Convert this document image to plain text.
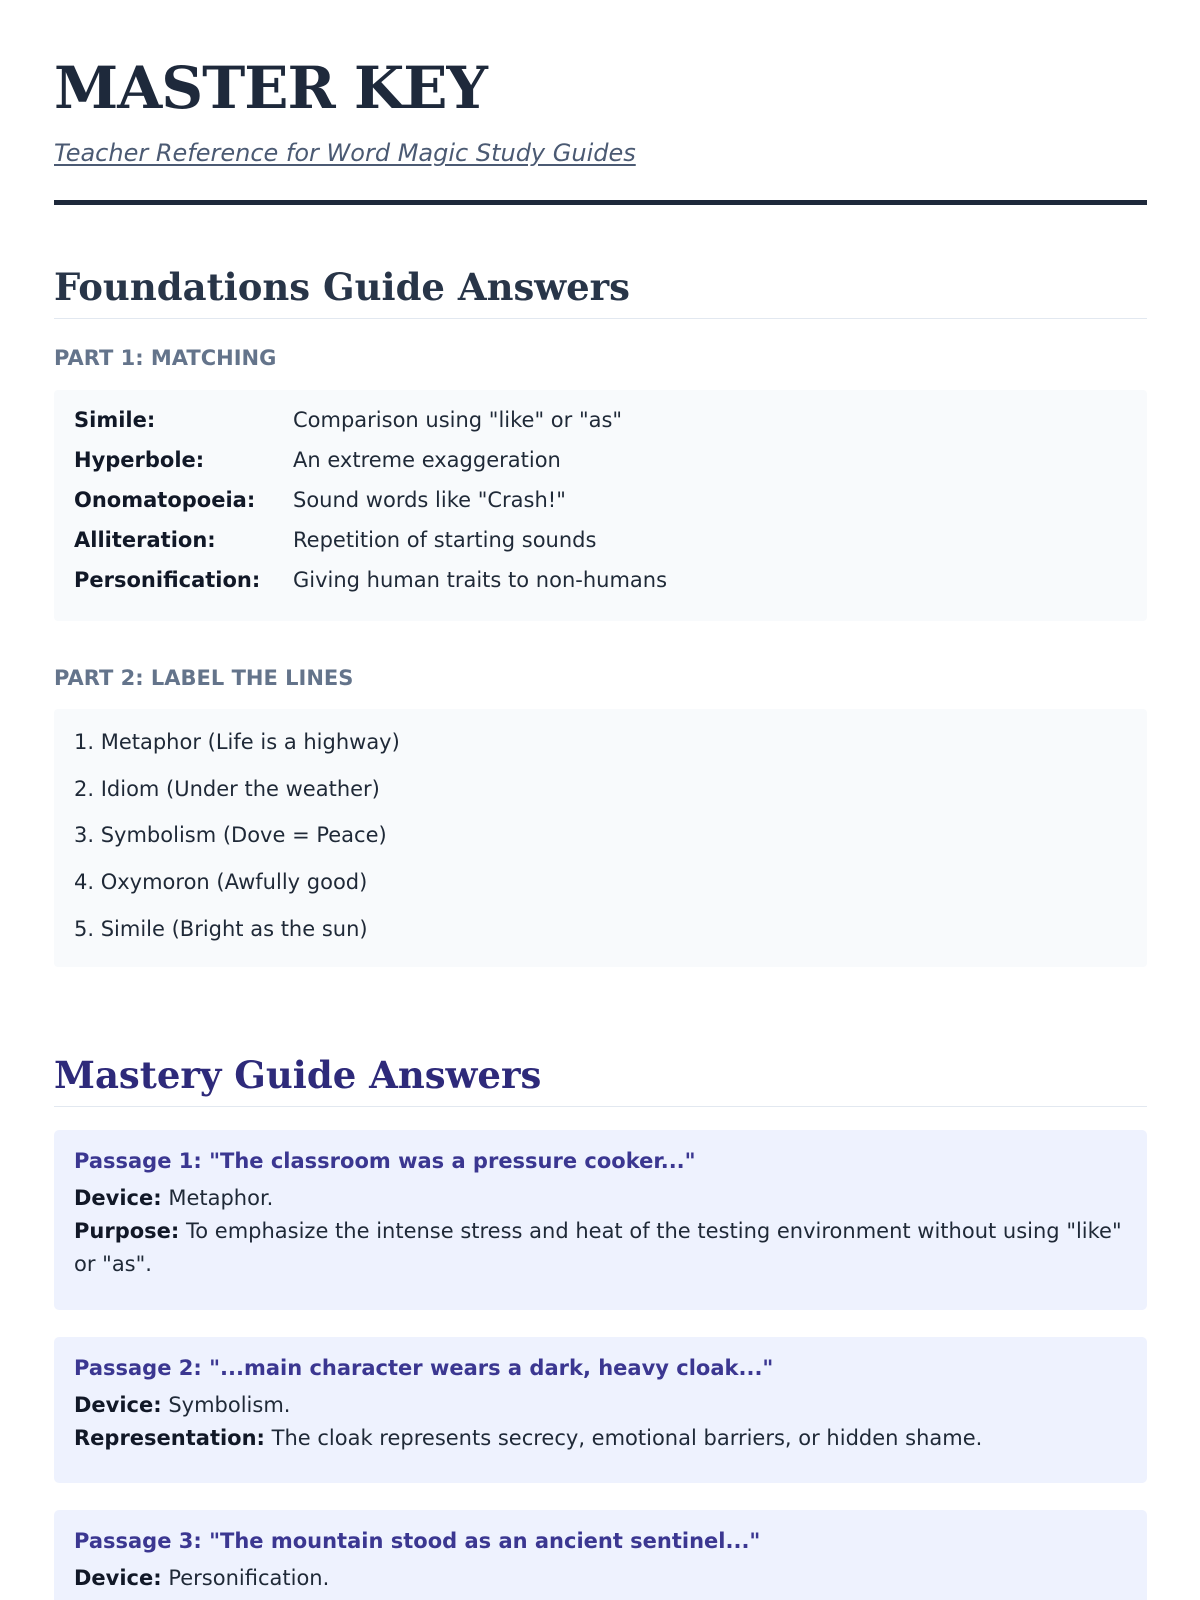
MASTER KEY

Teacher Reference for Word Magic Study Guides

Foundations Guide Answers
PART 1: MATCHING
Simile:	Comparison using "like" or "as"
Hyperbole:	An extreme exaggeration
Onomatopoeia:	Sound words like "Crash!"
Alliteration:	Repetition of starting sounds
Personification:	Giving human traits to non-humans
PART 2: LABEL THE LINES
1. Metaphor (Life is a highway)
2. Idiom (Under the weather)
3. Symbolism (Dove = Peace)
4. Oxymoron (Awfully good)
5. Simile (Bright as the sun)
Mastery Guide Answers
Passage 1: "The classroom was a pressure cooker..."
Device: Metaphor.
Purpose: To emphasize the intense stress and heat of the testing environment without using "like" or "as".
Passage 2: "...main character wears a dark, heavy cloak..."
Device: Symbolism.
Representation: The cloak represents secrecy, emotional barriers, or hidden shame.
Passage 3: "The mountain stood as an ancient sentinel..."
Device: Personification.
